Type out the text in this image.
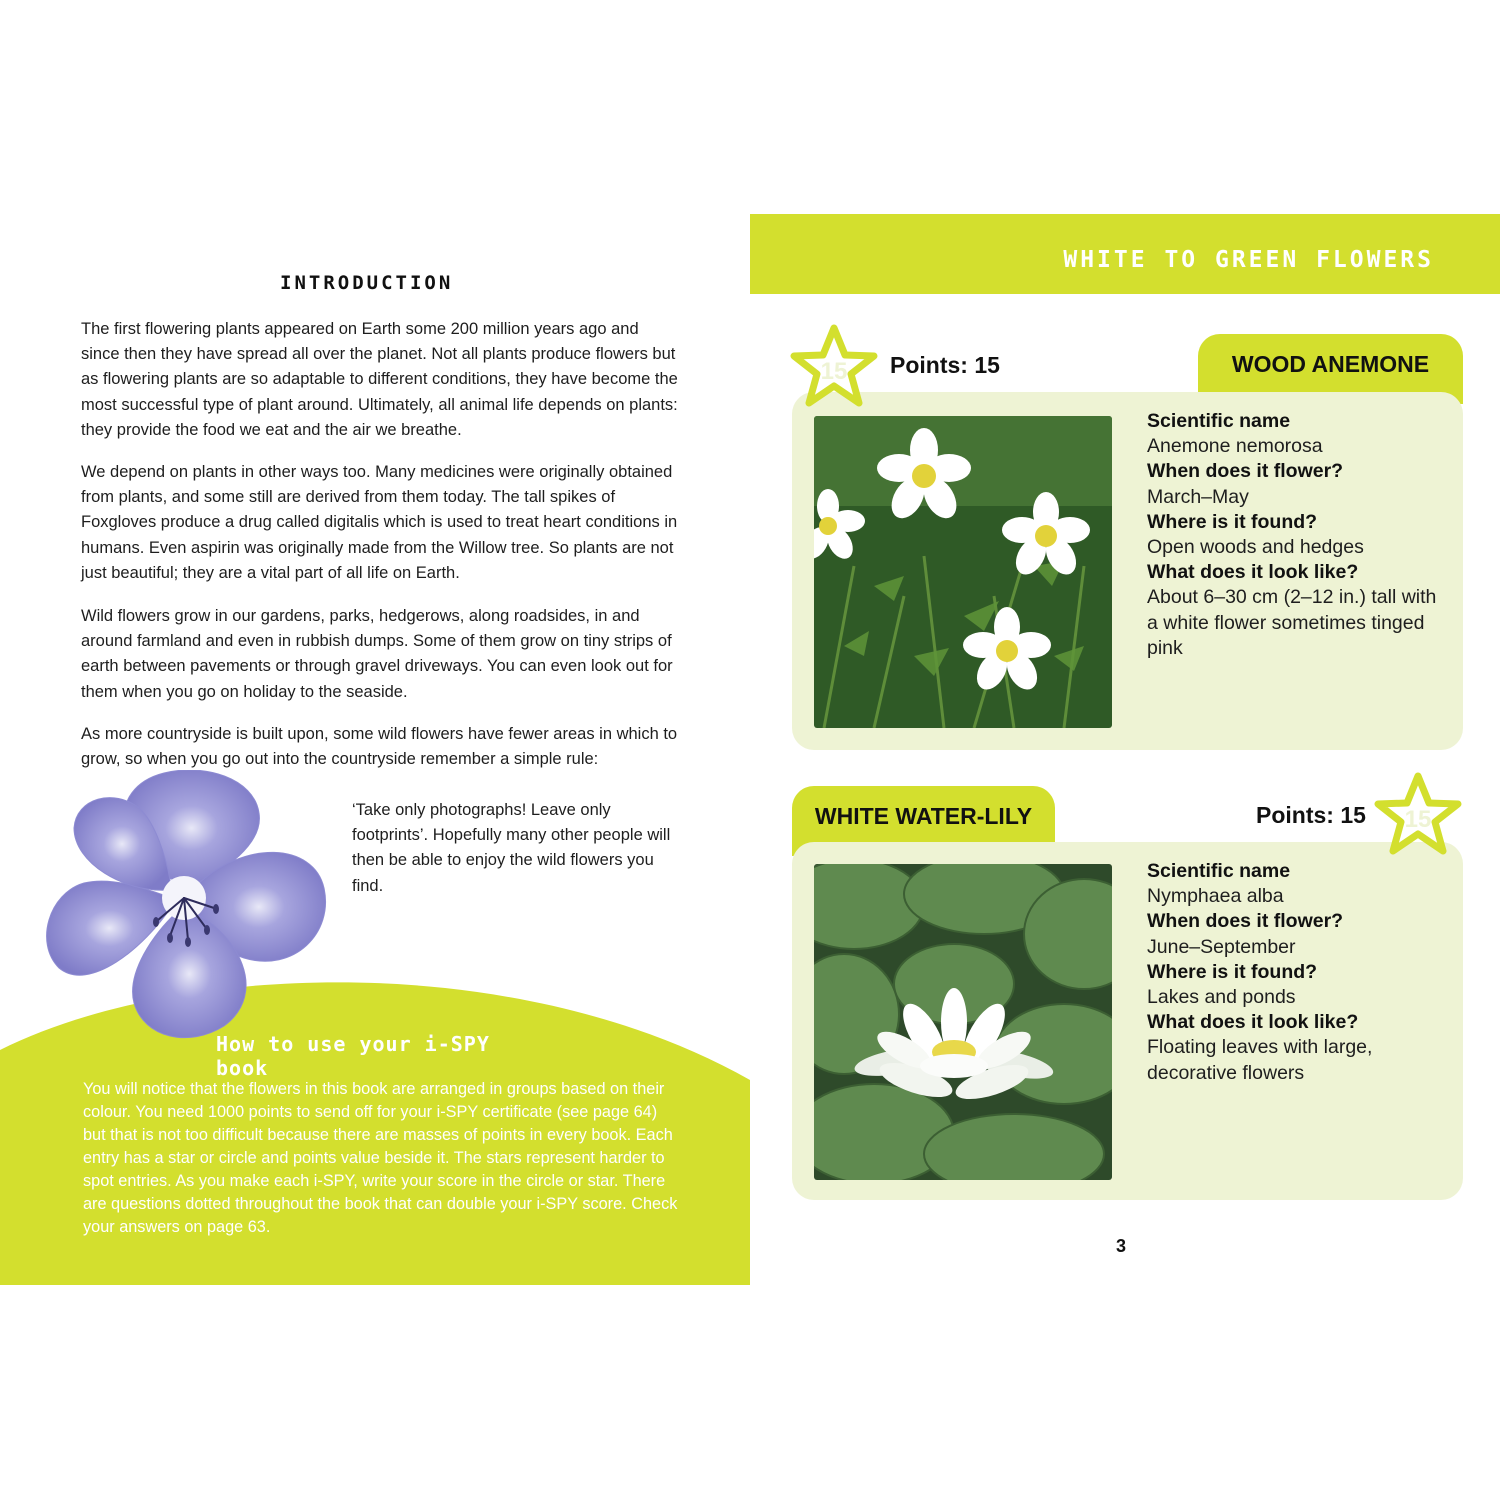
INTRODUCTION

The first flowering plants appeared on Earth some 200 million years ago and since then they have spread all over the planet. Not all plants produce flowers but as flowering plants are so adaptable to different conditions, they have become the most successful type of plant around. Ultimately, all animal life depends on plants: they provide the food we eat and the air we breathe.

We depend on plants in other ways too. Many medicines were originally obtained from plants, and some still are derived from them today. The tall spikes of Foxgloves produce a drug called digitalis which is used to treat heart conditions in humans. Even aspirin was originally made from the Willow tree. So plants are not just beautiful; they are a vital part of all life on Earth.

Wild flowers grow in our gardens, parks, hedgerows, along roadsides, in and around farmland and even in rubbish dumps. Some of them grow on tiny strips of earth between pavements or through gravel driveways. You can even look out for them when you go on holiday to the seaside.

As more countryside is built upon, some wild flowers have fewer areas in which to grow, so when you go out into the countryside remember a simple rule:

‘Take only photographs! Leave only footprints’. Hopefully many other people will then be able to enjoy the wild flowers you find.

How to use your i-SPY book

You will notice that the flowers in this book are arranged in groups based on their colour. You need 1000 points to send off for your i-SPY certificate (see page 64) but that is not too difficult because there are masses of points in every book. Each entry has a star or circle and points value beside it. The stars represent harder to spot entries. As you make each i-SPY, write your score in the circle or star. There are questions dotted throughout the book that can double your i-SPY score. Check your answers on page 63.

WHITE TO GREEN FLOWERS
WOOD ANEMONE
15 Points: 15
Scientific name
Anemone nemorosa
When does it flower?
March–May
Where is it found?
Open woods and hedges
What does it look like?
About 6–30 cm (2–12 in.) tall with a white flower sometimes tinged pink
WHITE WATER-LILY	15
Points: 15
Scientific name
Nymphaea alba
When does it flower?
June–September
Where is it found?
Lakes and ponds
What does it look like?
Floating leaves with large, decorative flowers
3
